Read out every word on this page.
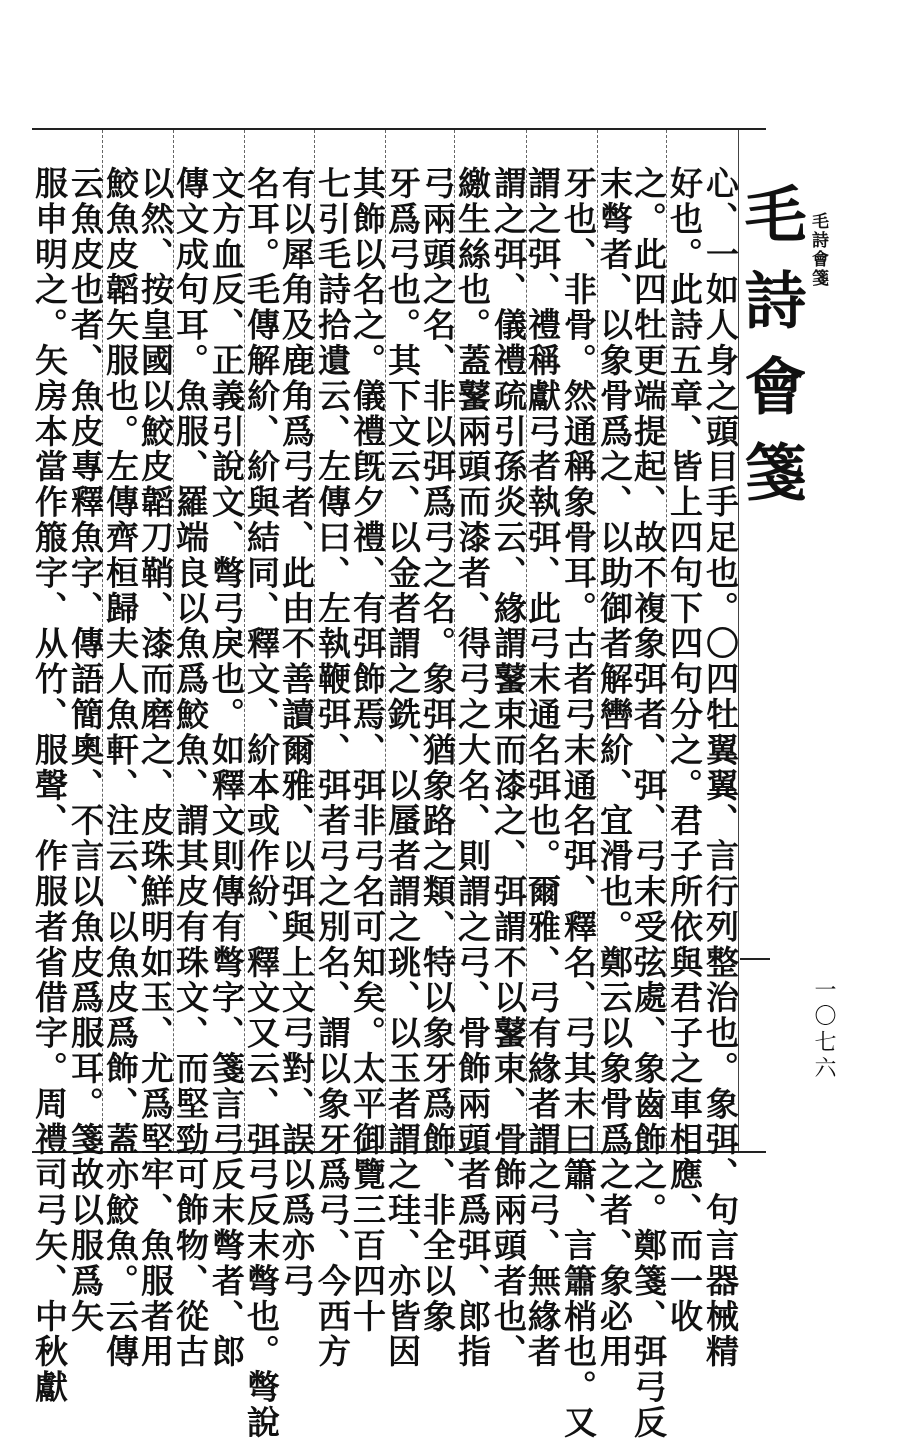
毛詩會箋
一〇七六
毛詩會箋
心、一如人身之頭目手足也。〇四牡翼翼、言行列整治也。象弭、句言器械精
好也。此詩五章、皆上四句下四句分之。君子所依與君子之車相應、而一收
之。此四牡更端提起、故不複象弭者、弭、弓末受弦處、象齒飾之。鄭箋、弭弓反
末彆者、以象骨爲之、以助御者解轡紒、宜滑也。鄭云以象骨爲之者、象必用
牙也、非骨。然通稱象骨耳。古者弓末通名弭、釋名、弓其末曰簫、言簫梢也。又
謂之弭、禮稱獻弓者執弭、此弓末通名弭也。爾雅、弓有緣者謂之弓、無緣者
謂之弭、儀禮疏引孫炎云、緣謂鼜束而漆之、弭謂不以鼜束、骨飾兩頭者也、
繳生絲也。蓋鼜兩頭而漆者、得弓之大名、則謂之弓、骨飾兩頭者爲弭、郎指
弓兩頭之名、非以弭爲弓之名。象弭猶象路之類、特以象牙爲飾、非全以象
牙爲弓也。其下文云、以金者謂之銑、以蜃者謂之珧、以玉者謂之珪、亦皆因
其飾以名之。儀禮旣夕禮、有弭飾焉、弭非弓名可知矣。太平御覽三百四十
七引毛詩拾遺云、左傳曰、左執鞭弭、弭者弓之別名、謂以象牙爲弓、今西方
有以犀角及鹿角爲弓者、此由不善讀爾雅、以弭與上文弓對、誤以爲亦弓
名耳。毛傳解紒、紒與結同、釋文、紒本或作紛、釋文又云、弭弓反末彆也。彆說
文方血反、正義引說文、彆弓戾也。如釋文則傳有彆字、箋言弓反末彆者、郎
傳文成句耳。魚服、羅端良以魚爲鮫魚、謂其皮有珠文、而堅勁可飾物、從古
以然、按皇國以鮫皮韜刀鞘、漆而磨之、皮珠鮮明如玉、尤爲堅牢、魚服者用
鮫魚皮韜矢服也。左傳齊桓歸夫人魚軒、注云、以魚皮爲飾、蓋亦鮫魚。云傳
云魚皮也者、魚皮專釋魚字、傳語簡奧、不言以魚皮爲服耳。箋故以服爲矢
服申明之。矢房本當作箙字、从竹、服聲、作服者省借字。周禮司弓矢、中秋獻
